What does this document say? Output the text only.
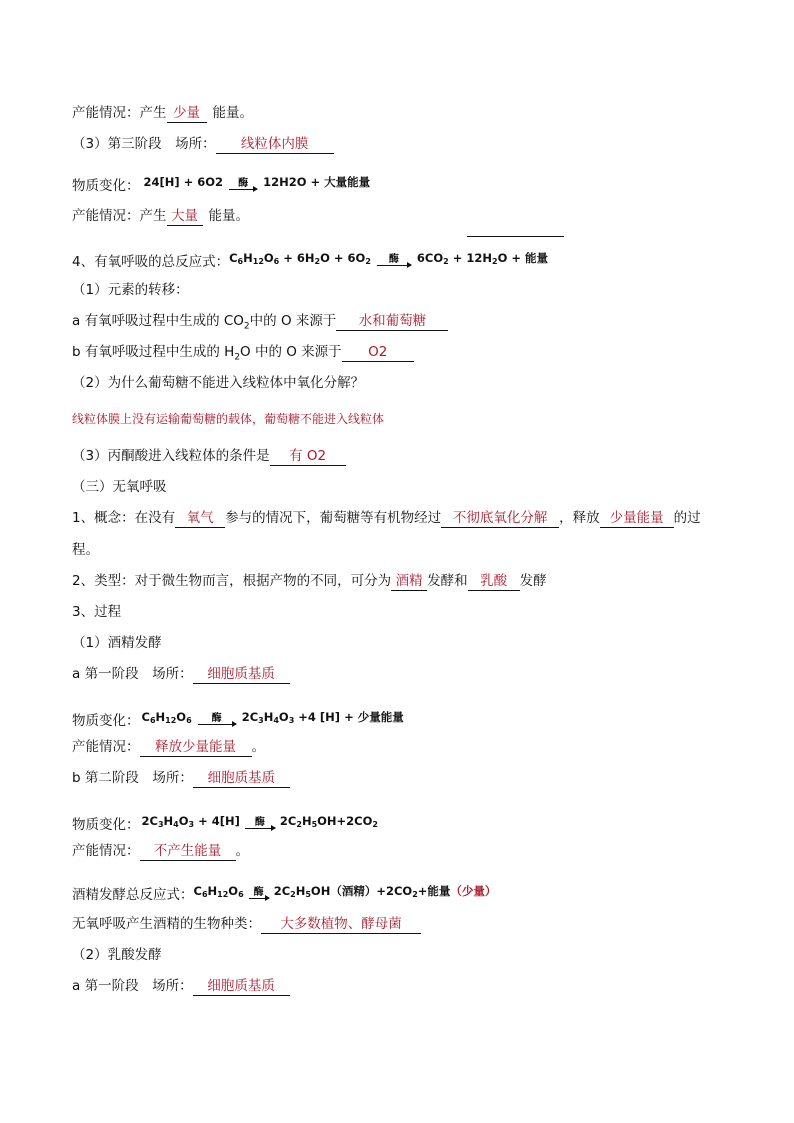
产能情况：产生 少量 能量。
（3）第三阶段　场所： 线粒体内膜
物质变化： 24[H] + 6O2	酶	12H2O + 大量能量
产能情况：产生 大量 能量。
4、有氧呼吸的总反应式：$C_6H_{12}O_6 + 6H_2O + 6O_2$	酶	$6CO_2 + 12H_2O$ + 能量
（1）元素的转移：
a 有氧呼吸过程中生成的 $CO_2$中的 O 来源于 水和葡萄糖
b 有氧呼吸过程中生成的 $H_2O$ 中的 O 来源于 O2
（2）为什么葡萄糖不能进入线粒体中氧化分解？
线粒体膜上没有运输葡萄糖的载体，葡萄糖不能进入线粒体
（3）丙酮酸进入线粒体的条件是 有 O2
（三）无氧呼吸
1、概念：在没有 氧气 参与的情况下，葡萄糖等有机物经过 不彻底氧化分解 ，释放 少量能量 的过
程。
2、类型：对于微生物而言，根据产物的不同，可分为 酒精 发酵和 乳酸 发酵
3、过程
（1）酒精发酵
a 第一阶段　场所： 细胞质基质
物质变化： $C_6H_{12}O_6$	酶	$2C_3H_4O_3 +4$ [H] + 少量能量
产能情况： 释放少量能量 。
b 第二阶段　场所： 细胞质基质
物质变化： $2C_3H_4O_3 + 4[H]$	酶	$2C_2H_5OH+2CO_2$
产能情况： 不产生能量 。
酒精发酵总反应式：$C_6H_{12}O_6$	酶 $2C_2H_5OH$（酒精）$+2CO_2+$能量（少量）
无氧呼吸产生酒精的生物种类： 大多数植物、酵母菌
（2）乳酸发酵
a 第一阶段　场所： 细胞质基质
